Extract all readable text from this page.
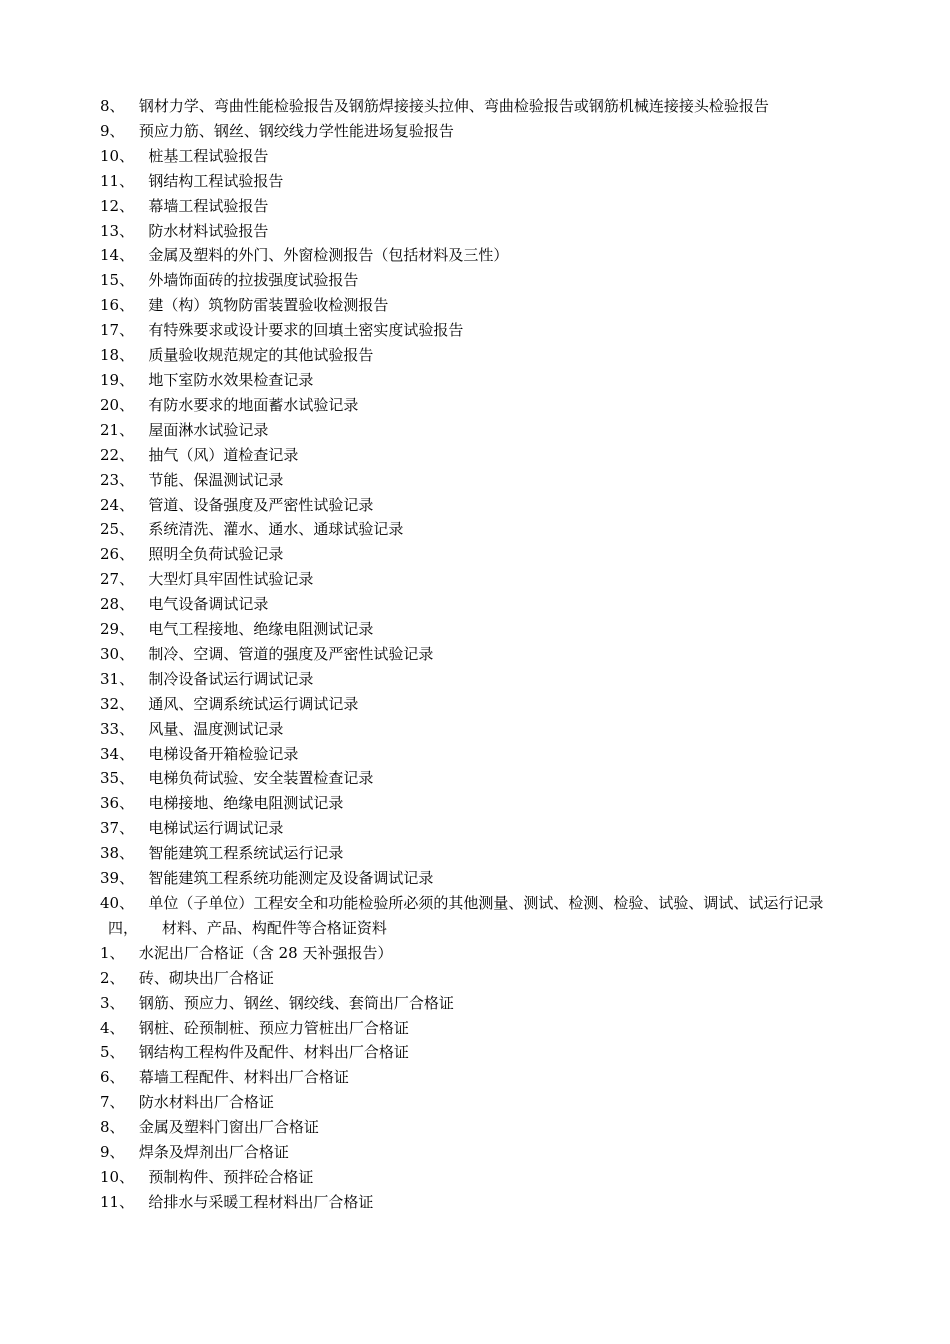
8、 钢材力学、弯曲性能检验报告及钢筋焊接接头拉伸、弯曲检验报告或钢筋机械连接接头检验报告
9、 预应力筋、钢丝、钢绞线力学性能进场复验报告
10、 桩基工程试验报告
11、 钢结构工程试验报告
12、 幕墙工程试验报告
13、 防水材料试验报告
14、 金属及塑料的外门、外窗检测报告（包括材料及三性）
15、 外墙饰面砖的拉拔强度试验报告
16、 建（构）筑物防雷装置验收检测报告
17、 有特殊要求或设计要求的回填土密实度试验报告
18、 质量验收规范规定的其他试验报告
19、 地下室防水效果检查记录
20、 有防水要求的地面蓄水试验记录
21、 屋面淋水试验记录
22、 抽气（风）道检查记录
23、 节能、保温测试记录
24、 管道、设备强度及严密性试验记录
25、 系统清洗、灌水、通水、通球试验记录
26、 照明全负荷试验记录
27、 大型灯具牢固性试验记录
28、 电气设备调试记录
29、 电气工程接地、绝缘电阻测试记录
30、 制冷、空调、管道的强度及严密性试验记录
31、 制冷设备试运行调试记录
32、 通风、空调系统试运行调试记录
33、 风量、温度测试记录
34、 电梯设备开箱检验记录
35、 电梯负荷试验、安全装置检查记录
36、 电梯接地、绝缘电阻测试记录
37、 电梯试运行调试记录
38、 智能建筑工程系统试运行记录
39、 智能建筑工程系统功能测定及设备调试记录
40、 单位（子单位）工程安全和功能检验所必须的其他测量、测试、检测、检验、试验、调试、试运行记录
四， 材料、产品、构配件等合格证资料
1、 水泥出厂合格证（含 28 天补强报告）
2、 砖、砌块出厂合格证
3、 钢筋、预应力、钢丝、钢绞线、套筒出厂合格证
4、 钢桩、砼预制桩、预应力管桩出厂合格证
5、 钢结构工程构件及配件、材料出厂合格证
6、 幕墙工程配件、材料出厂合格证
7、 防水材料出厂合格证
8、 金属及塑料门窗出厂合格证
9、 焊条及焊剂出厂合格证
10、 预制构件、预拌砼合格证
11、 给排水与采暖工程材料出厂合格证
